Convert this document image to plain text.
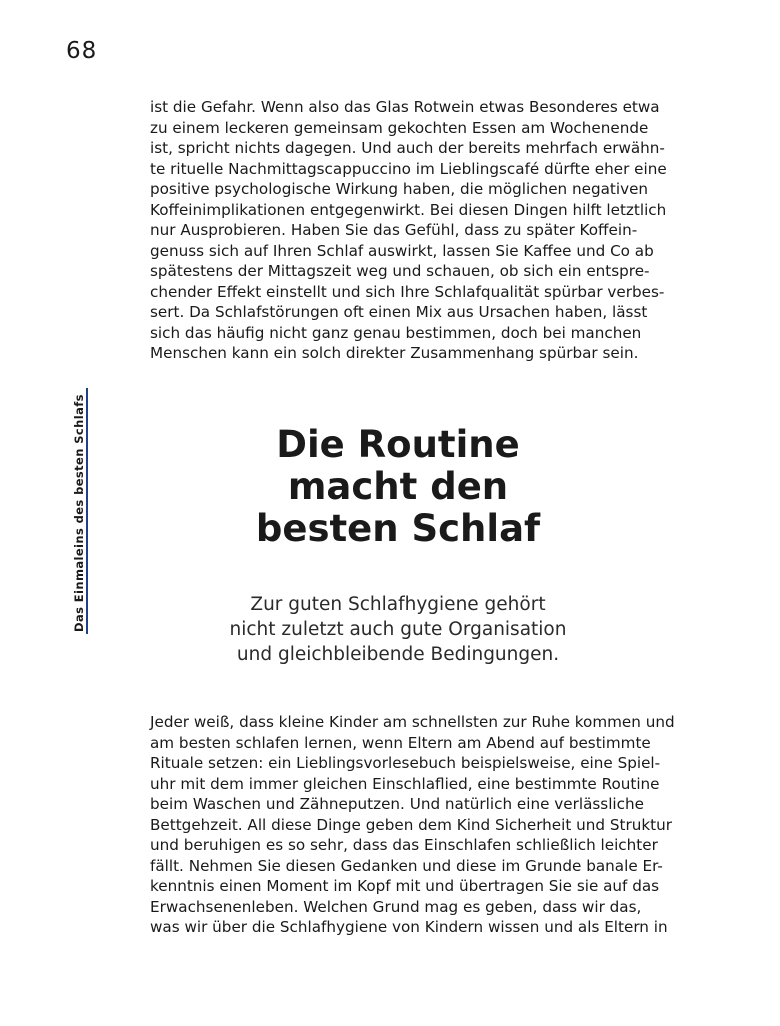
68
Das Einmaleins des besten Schlafs

ist die Gefahr. Wenn also das Glas Rotwein etwas Besonderes etwa
zu einem leckeren gemeinsam gekochten Essen am Wochenende
ist, spricht nichts dagegen. Und auch der bereits mehrfach erwähn-
te rituelle Nachmittagscappuccino im Lieblingscafé dürfte eher eine
positive psychologische Wirkung haben, die möglichen negativen
Koffeinimplikationen entgegenwirkt. Bei diesen Dingen hilft letztlich
nur Ausprobieren. Haben Sie das Gefühl, dass zu später Koffein-
genuss sich auf Ihren Schlaf auswirkt, lassen Sie Kaffee und Co ab
spätestens der Mittagszeit weg und schauen, ob sich ein entspre-
chender Effekt einstellt und sich Ihre Schlafqualität spürbar verbes-
sert. Da Schlafstörungen oft einen Mix aus Ursachen haben, lässt
sich das häufig nicht ganz genau bestimmen, doch bei manchen
Menschen kann ein solch direkter Zusammenhang spürbar sein.

Die Routine
macht den
besten Schlaf

Zur guten Schlafhygiene gehört
nicht zuletzt auch gute Organisation
und gleichbleibende Bedingungen.

Jeder weiß, dass kleine Kinder am schnellsten zur Ruhe kommen und
am besten schlafen lernen, wenn Eltern am Abend auf bestimmte
Rituale setzen: ein Lieblingsvorlesebuch beispielsweise, eine Spiel-
uhr mit dem immer gleichen Einschlaflied, eine bestimmte Routine
beim Waschen und Zähneputzen. Und natürlich eine verlässliche
Bettgehzeit. All diese Dinge geben dem Kind Sicherheit und Struktur
und beruhigen es so sehr, dass das Einschlafen schließlich leichter
fällt. Nehmen Sie diesen Gedanken und diese im Grunde banale Er-
kenntnis einen Moment im Kopf mit und übertragen Sie sie auf das
Erwachsenenleben. Welchen Grund mag es geben, dass wir das,
was wir über die Schlafhygiene von Kindern wissen und als Eltern in
